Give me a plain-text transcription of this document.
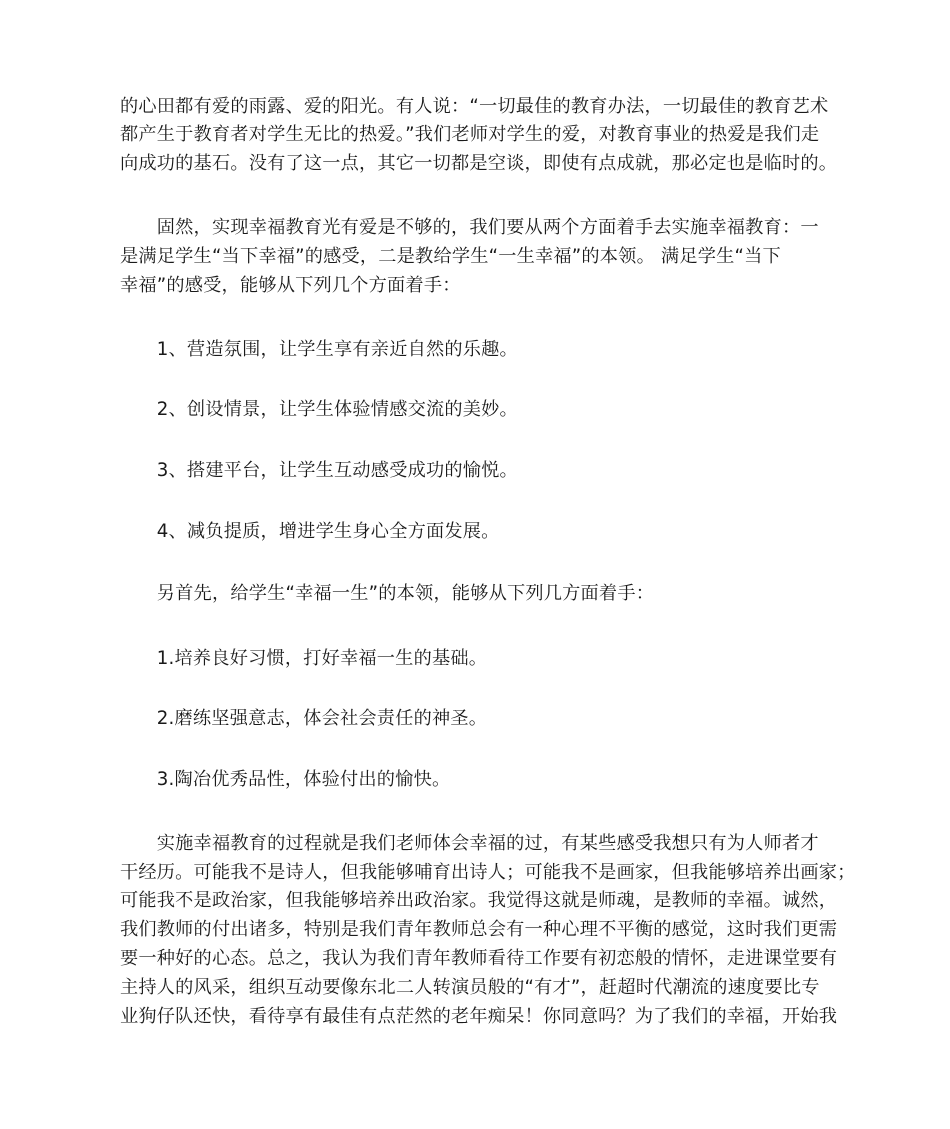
的心田都有爱的雨露、爱的阳光。有人说：“一切最佳的教育办法，一切最佳的教育艺术
都产生于教育者对学生无比的热爱。”我们老师对学生的爱，对教育事业的热爱是我们走
向成功的基石。没有了这一点，其它一切都是空谈，即使有点成就，那必定也是临时的。
　　固然，实现幸福教育光有爱是不够的，我们要从两个方面着手去实施幸福教育：一
是满足学生“当下幸福”的感受，二是教给学生“一生幸福”的本领。 满足学生“当下
幸福”的感受，能够从下列几个方面着手：
　　1、营造氛围，让学生享有亲近自然的乐趣。
　　2、创设情景，让学生体验情感交流的美妙。
　　3、搭建平台，让学生互动感受成功的愉悦。
　　4、减负提质，增进学生身心全方面发展。
　　另首先，给学生“幸福一生”的本领，能够从下列几方面着手：
　　1.培养良好习惯，打好幸福一生的基础。
　　2.磨练坚强意志，体会社会责任的神圣。
　　3.陶冶优秀品性，体验付出的愉快。
　　实施幸福教育的过程就是我们老师体会幸福的过，有某些感受我想只有为人师者才
干经历。可能我不是诗人，但我能够哺育出诗人；可能我不是画家，但我能够培养出画家；
可能我不是政治家，但我能够培养出政治家。我觉得这就是师魂，是教师的幸福。诚然，
我们教师的付出诸多，特别是我们青年教师总会有一种心理不平衡的感觉，这时我们更需
要一种好的心态。总之，我认为我们青年教师看待工作要有初恋般的情怀，走进课堂要有
主持人的风采，组织互动要像东北二人转演员般的“有才”，赶超时代潮流的速度要比专
业狗仔队还快，看待享有最佳有点茫然的老年痴呆！你同意吗？为了我们的幸福，开始我
